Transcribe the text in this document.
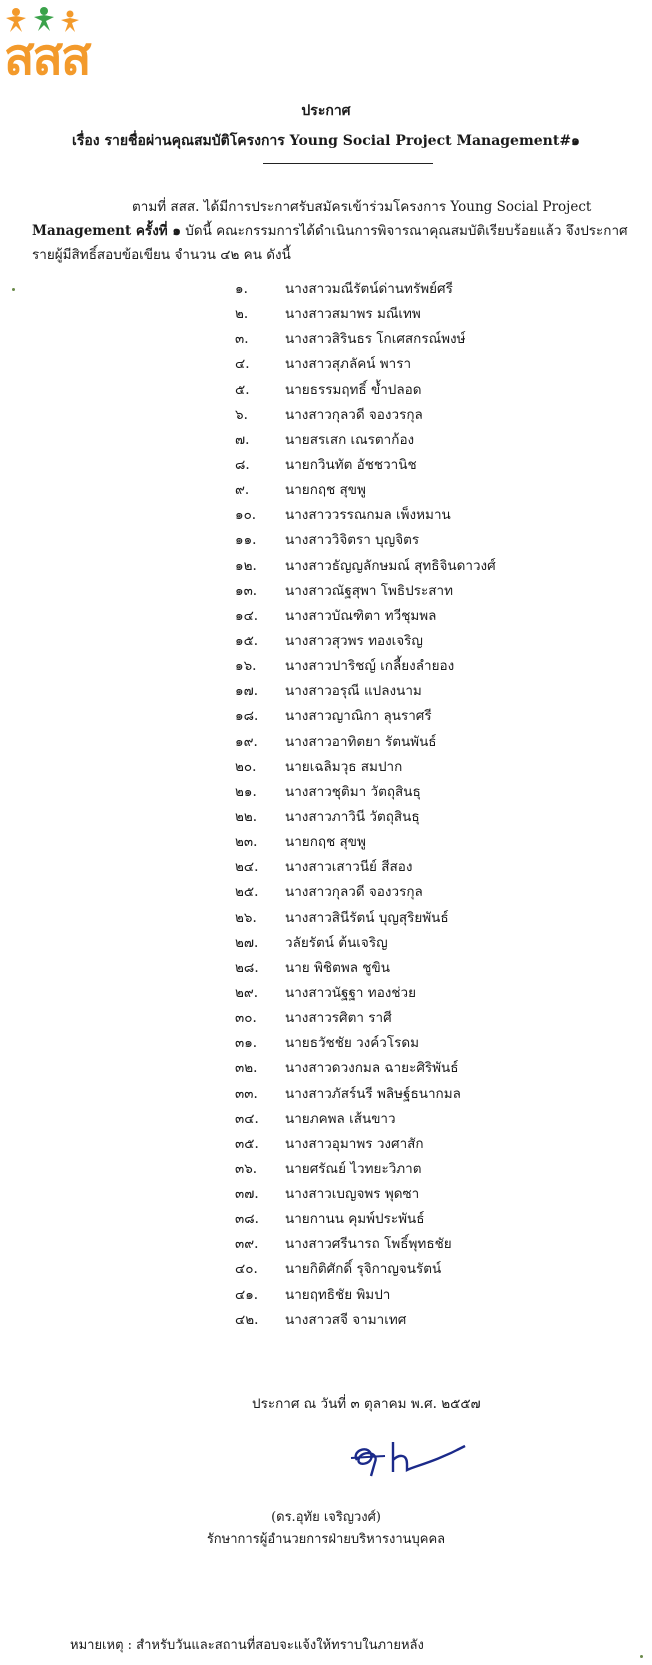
สสส
ประกาศ
เรื่อง รายชื่อผ่านคุณสมบัติโครงการ Young Social Project Management#๑
ตามที่ สสส. ได้มีการประกาศรับสมัครเข้าร่วมโครงการ Young Social Project
Management ครั้งที่ ๑ บัดนี้ คณะกรรมการได้ดำเนินการพิจารณาคุณสมบัติเรียบร้อยแล้ว จึงประกาศ
รายผู้มีสิทธิ์สอบข้อเขียน จำนวน ๔๒ คน ดังนี้
๑.	นางสาวมณีรัตน์ด่านทรัพย์ศรี
๒.	นางสาวสมาพร มณีเทพ
๓.	นางสาวสิรินธร โกเศสกรณ์พงษ์
๔.	นางสาวสุภลัคน์ พารา
๕.	นายธรรมฤทธิ์ ข้ำปลอด
๖.	นางสาวกุลวดี จองวรกุล
๗.	นายสรเสก เณรตาก้อง
๘.	นายกวินทัต อัชชวานิช
๙.	นายกฤช สุขพู
๑๐.	นางสาววรรณกมล เพ็งหมาน
๑๑.	นางสาววิจิตรา บุญจิตร
๑๒.	นางสาวธัญญลักษมณ์ สุทธิจินดาวงศ์
๑๓.	นางสาวณัฐสุพา โพธิประสาท
๑๔.	นางสาวบัณฑิตา ทวีชุมพล
๑๕.	นางสาวสุวพร ทองเจริญ
๑๖.	นางสาวปาริชญ์ เกลี้ยงลำยอง
๑๗.	นางสาวอรุณี แปลงนาม
๑๘.	นางสาวญาณิกา ลุนราศรี
๑๙.	นางสาวอาทิตยา รัตนพันธ์
๒๐.	นายเฉลิมวุธ สมปาก
๒๑.	นางสาวชุติมา วัตถุสินธุ
๒๒.	นางสาวภาวินี วัตถุสินธุ
๒๓.	นายกฤช สุขพู
๒๔.	นางสาวเสาวนีย์ สีสอง
๒๕.	นางสาวกุลวดี จองวรกุล
๒๖.	นางสาวสินีรัตน์ บุญสุริยพันธ์
๒๗.	วลัยรัตน์ ต้นเจริญ
๒๘.	นาย พิชิตพล ชูขิน
๒๙.	นางสาวนัฐฐา ทองช่วย
๓๐.	นางสาวรศิตา ราศี
๓๑.	นายธวัชชัย วงค์วโรดม
๓๒.	นางสาวดวงกมล ฉายะศิริพันธ์
๓๓.	นางสาวภัสร์นรี พลิษฐ์ธนากมล
๓๔.	นายภคพล เส้นขาว
๓๕.	นางสาวอุมาพร วงศาสัก
๓๖.	นายศรัณย์ ไวทยะวิภาต
๓๗.	นางสาวเบญจพร พุดซา
๓๘.	นายกานน คุมพ์ประพันธ์
๓๙.	นางสาวศรีนารถ โพธิ์พุทธชัย
๔๐.	นายกิติศักดิ์ รุจิกาญจนรัตน์
๔๑.	นายฤทธิชัย พิมปา
๔๒.	นางสาวสจี จามาเทศ
ประกาศ ณ วันที่ ๓ ตุลาคม พ.ศ. ๒๕๕๗
(ดร.อุทัย เจริญวงศ์)
รักษาการผู้อำนวยการฝ่ายบริหารงานบุคคล
หมายเหตุ : สำหรับวันและสถานที่สอบจะแจ้งให้ทราบในภายหลัง
